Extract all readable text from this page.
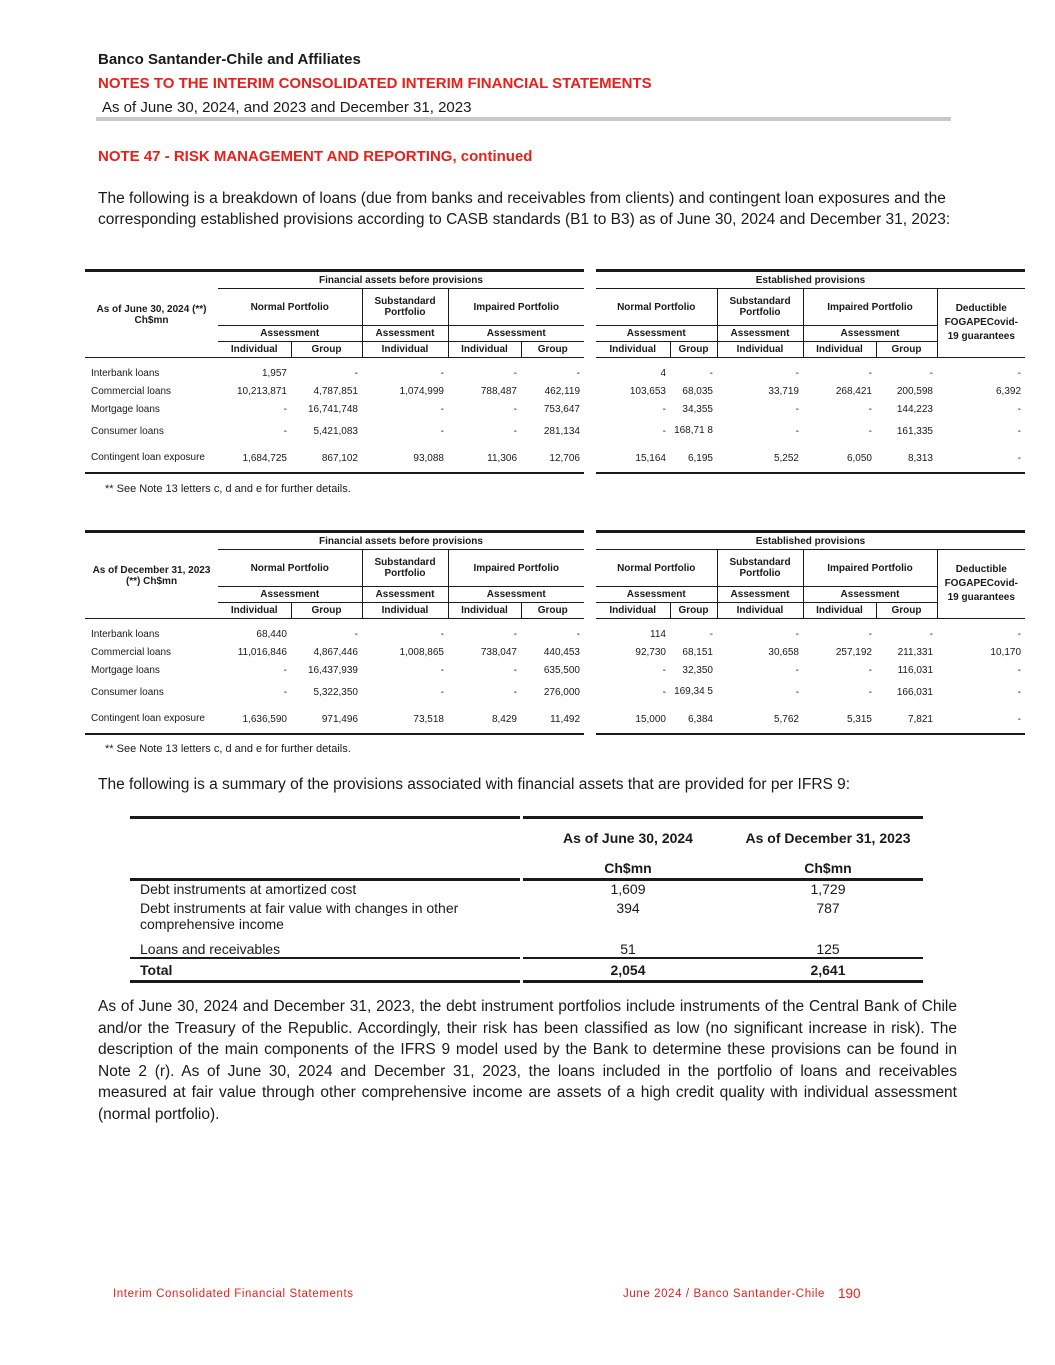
Banco Santander-Chile and Affiliates
NOTES TO THE INTERIM CONSOLIDATED INTERIM FINANCIAL STATEMENTS
As of June 30, 2024, and 2023 and December 31, 2023
NOTE 47 - RISK MANAGEMENT AND REPORTING, continued
The following is a breakdown of loans (due from banks and receivables from clients) and contingent loan exposures and the corresponding established provisions according to CASB standards (B1 to B3) as of June 30, 2024 and December 31, 2023:
As of June 30, 2024 (**) Ch$mn	Financial assets before provisions						Established provisions					
	Normal Portfolio		Substandard Portfolio	Impaired Portfolio			Normal Portfolio		Substandard Portfolio	Impaired Portfolio		Deductible FOGAPECovid-19 guarantees
	Assessment		Assessment	Assessment			Assessment		Assessment	Assessment		
	Individual	Group	Individual	Individual	Group		Individual	Group	Individual	Individual	Group	

Interbank loans	1,957	-	-	-	-		4	-	-	-	-	-
Commercial loans	10,213,871	4,787,851	1,074,999	788,487	462,119		103,653	68,035	33,719	268,421	200,598	6,392
Mortgage loans	-	16,741,748	-	-	753,647		-	34,355	-	-	144,223	-
Consumer loans	-	5,421,083	-	-	281,134		-	168,71 8	-	-	161,335	-
Contingent loan exposure	1,684,725	867,102	93,088	11,306	12,706		15,164	6,195	5,252	6,050	8,313	-
** See Note 13 letters c, d and e for further details.
As of December 31, 2023 (**) Ch$mn	Financial assets before provisions						Established provisions					
	Normal Portfolio		Substandard Portfolio	Impaired Portfolio			Normal Portfolio		Substandard Portfolio	Impaired Portfolio		Deductible FOGAPECovid-19 guarantees
	Assessment		Assessment	Assessment			Assessment		Assessment	Assessment		
	Individual	Group	Individual	Individual	Group		Individual	Group	Individual	Individual	Group	

Interbank loans	68,440	-	-	-	-		114	-	-	-	-	-
Commercial loans	11,016,846	4,867,446	1,008,865	738,047	440,453		92,730	68,151	30,658	257,192	211,331	10,170
Mortgage loans	-	16,437,939	-	-	635,500		-	32,350	-	-	116,031	-
Consumer loans	-	5,322,350	-	-	276,000		-	169,34 5	-	-	166,031	-
Contingent loan exposure	1,636,590	971,496	73,518	8,429	11,492		15,000	6,384	5,762	5,315	7,821	-
** See Note 13 letters c, d and e for further details.
The following is a summary of the provisions associated with financial assets that are provided for per IFRS 9:
		As of June 30, 2024	As of December 31, 2023
		Ch$mn	Ch$mn
Debt instruments at amortized cost		1,609	1,729
Debt instruments at fair value with changes in other comprehensive income		394	787
Loans and receivables		51	125
Total		2,054	2,641
As of June 30, 2024 and December 31, 2023, the debt instrument portfolios include instruments of the Central Bank of Chile and/or the Treasury of the Republic. Accordingly, their risk has been classified as low (no significant increase in risk). The description of the main components of the IFRS 9 model used by the Bank to determine these provisions can be found in Note 2 (r). As of June 30, 2024 and December 31, 2023, the loans included in the portfolio of loans and receivables measured at fair value through other comprehensive income are assets of a high credit quality with individual assessment (normal portfolio).
Interim Consolidated Financial Statements	June 2024 / Banco Santander-Chile 190
